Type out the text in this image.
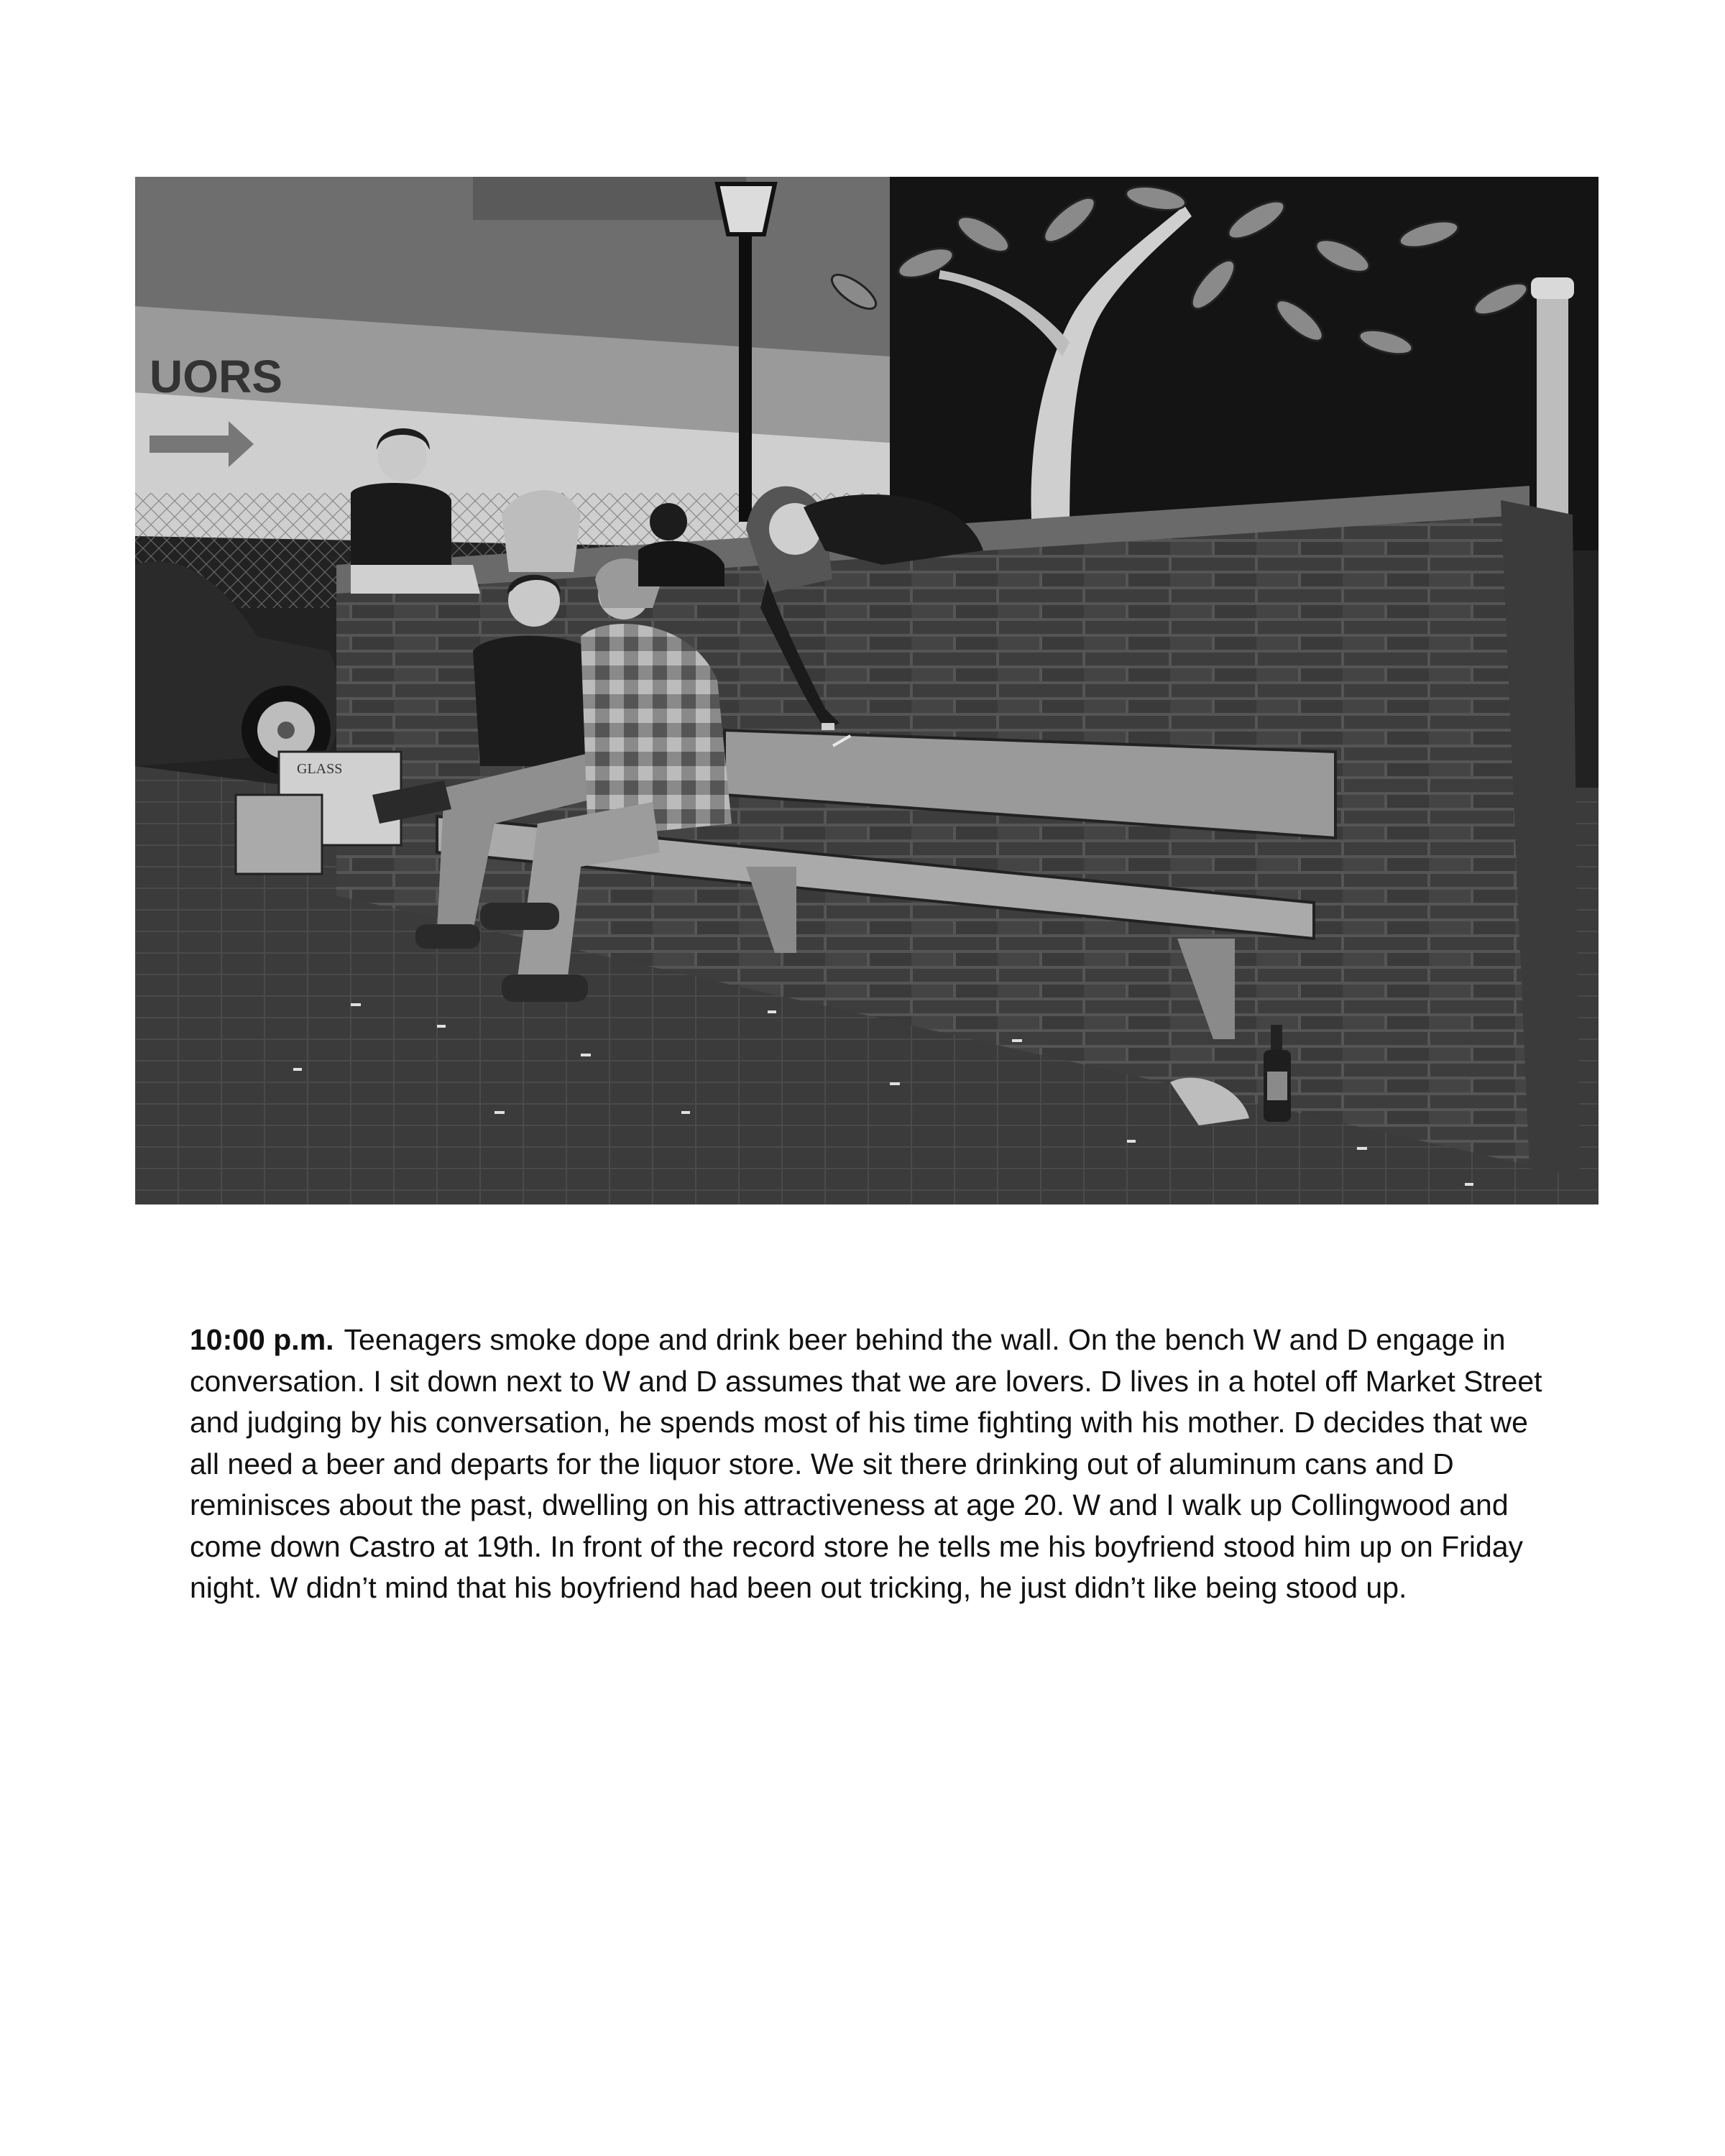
UORS
GLASS

10:00 p.m. Teenagers smoke dope and drink beer behind the wall. On the bench W and D engage in conversation. I sit down next to W and D assumes that we are lovers. D lives in a hotel off Market Street and judging by his conversation, he spends most of his time fighting with his mother. D decides that we all need a beer and departs for the liquor store. We sit there drinking out of aluminum cans and D reminisces about the past, dwelling on his attractiveness at age 20. W and I walk up Collingwood and come down Castro at 19th. In front of the record store he tells me his boyfriend stood him up on Friday night. W didn’t mind that his boyfriend had been out tricking, he just didn’t like being stood up.
